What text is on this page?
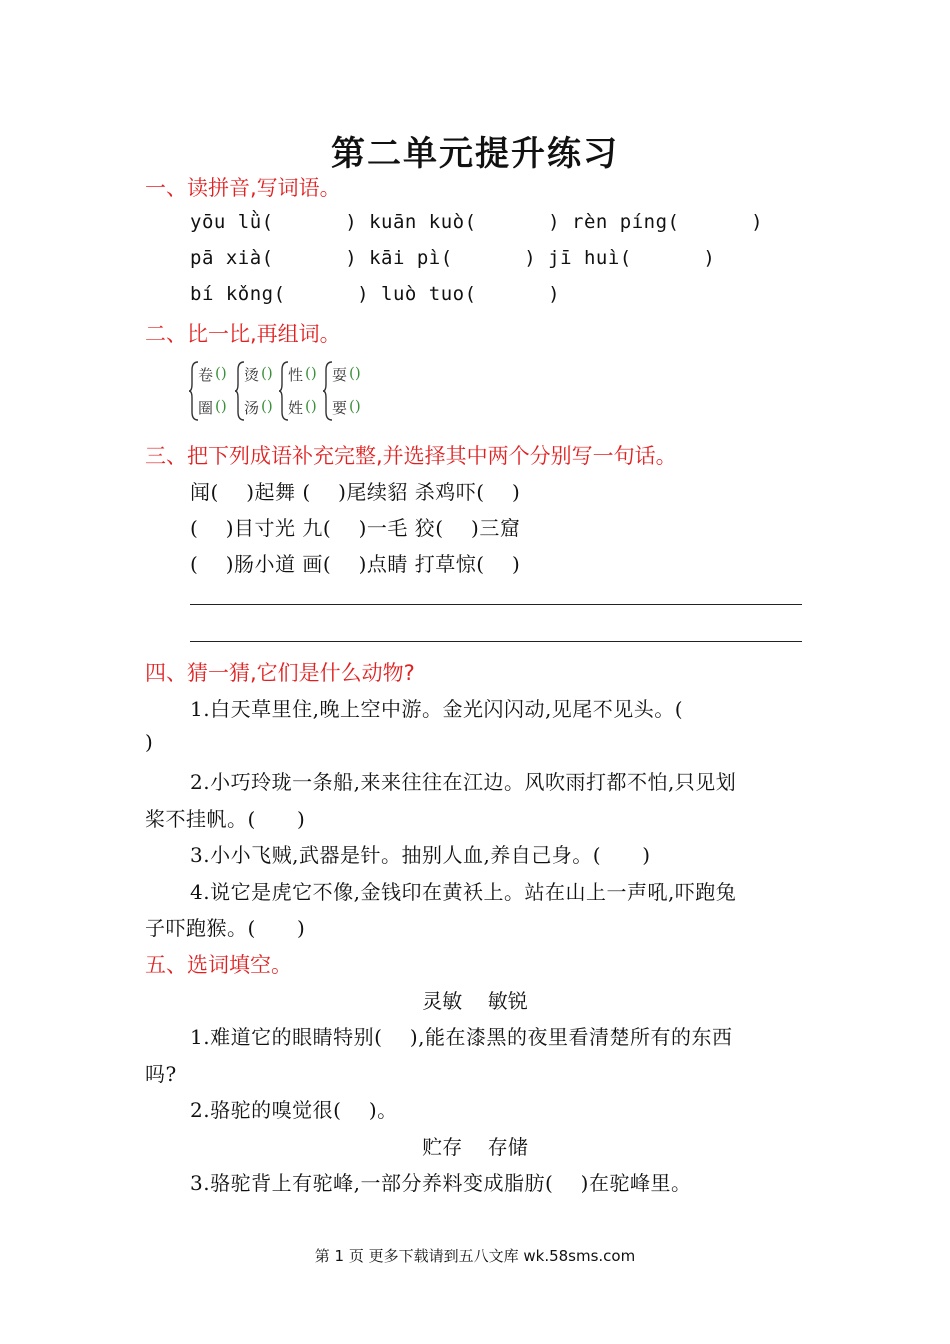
第二单元提升练习
一、读拼音,写词语。
yōu lǜ(      ) kuān kuò(      ) rèn píng(      )
pā xià(      ) kāi pì(      ) jī huì(      )
bí kǒng(      ) luò tuo(      )
二、比一比,再组词。
卷 ()
圈 ()
烫 ()
汤 ()
性 ()
姓 ()
耍 ()
要 ()
三、把下列成语补充完整,并选择其中两个分别写一句话。
闻(    )起舞 (    )尾续貂 杀鸡吓(    )
(    )目寸光 九(    )一毛 狡(    )三窟
(    )肠小道 画(    )点睛 打草惊(    )
四、猜一猜,它们是什么动物?
1.白天草里住,晚上空中游。金光闪闪动,见尾不见头。(
)
2.小巧玲珑一条船,来来往往在江边。风吹雨打都不怕,只见划
桨不挂帆。(      )
3.小小飞贼,武器是针。抽别人血,养自己身。(      )
4.说它是虎它不像,金钱印在黄袄上。站在山上一声吼,吓跑兔
子吓跑猴。(      )
五、选词填空。
灵敏    敏锐
1.难道它的眼睛特别(    ),能在漆黑的夜里看清楚所有的东西
吗?
2.骆驼的嗅觉很(    )。
贮存    存储
3.骆驼背上有驼峰,一部分养料变成脂肪(    )在驼峰里。
第 1 页 更多下载请到五八文库 wk.58sms.com
